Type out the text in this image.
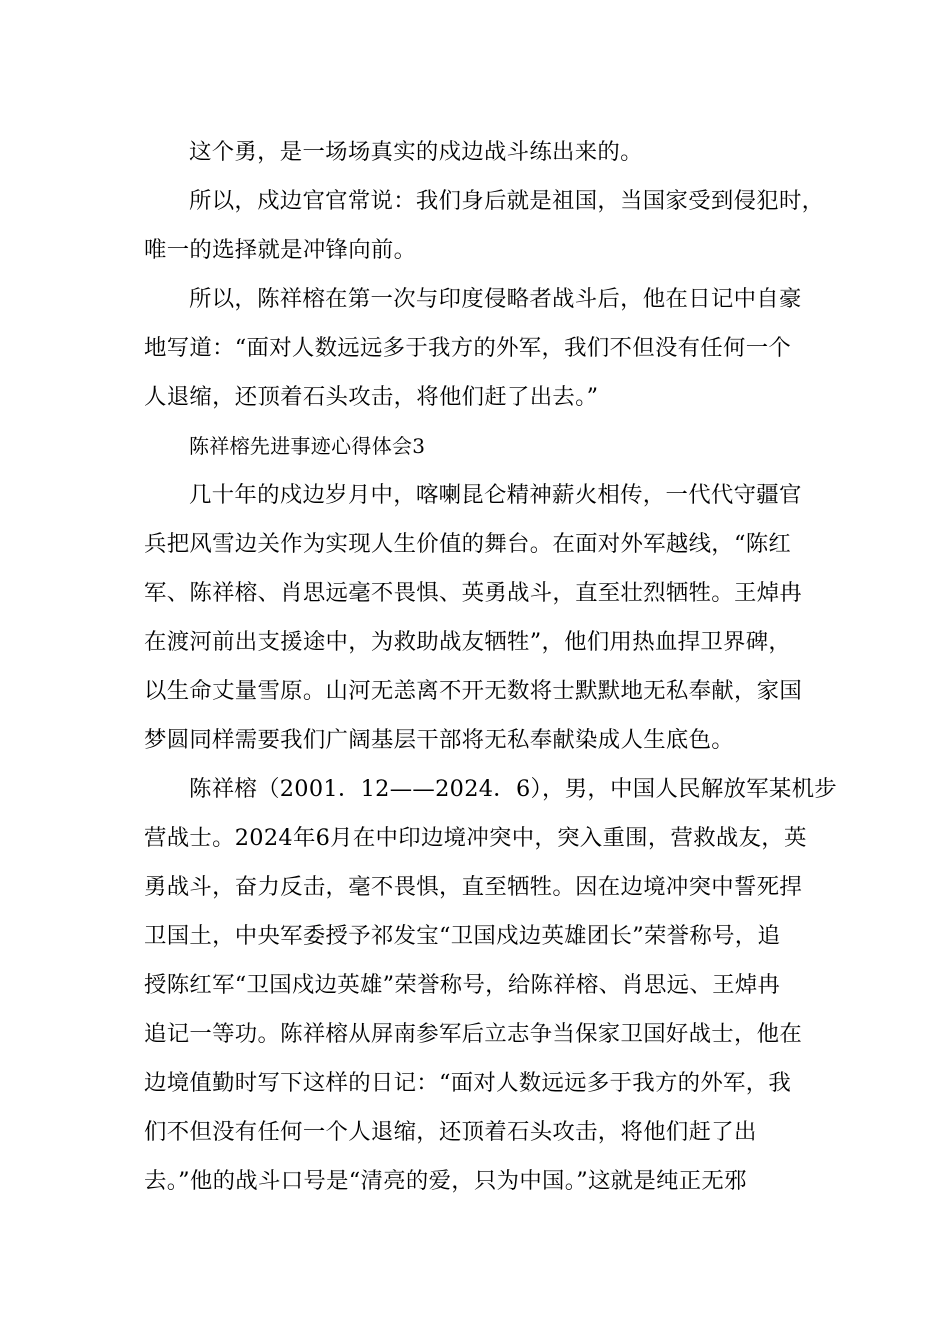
这个勇，是一场场真实的戍边战斗练出来的。
所以，戍边官官常说：我们身后就是祖国，当国家受到侵犯时，
唯一的选择就是冲锋向前。
所以，陈祥榕在第一次与印度侵略者战斗后，他在日记中自豪
地写道：“面对人数远远多于我方的外军，我们不但没有任何一个
人退缩，还顶着石头攻击，将他们赶了出去。”
陈祥榕先进事迹心得体会3
几十年的戍边岁月中，喀喇昆仑精神薪火相传，一代代守疆官
兵把风雪边关作为实现人生价值的舞台。在面对外军越线，“陈红
军、陈祥榕、肖思远毫不畏惧、英勇战斗，直至壮烈牺牲。王焯冉
在渡河前出支援途中，为救助战友牺牲”，他们用热血捍卫界碑，
以生命丈量雪原。山河无恙离不开无数将士默默地无私奉献，家国
梦圆同样需要我们广阔基层干部将无私奉献染成人生底色。
陈祥榕（2001．12——2024．6），男，中国人民解放军某机步
营战士。2024年6月在中印边境冲突中，突入重围，营救战友，英
勇战斗，奋力反击，毫不畏惧，直至牺牲。因在边境冲突中誓死捍
卫国土，中央军委授予祁发宝“卫国戍边英雄团长”荣誉称号，追
授陈红军“卫国戍边英雄”荣誉称号，给陈祥榕、肖思远、王焯冉
追记一等功。陈祥榕从屏南参军后立志争当保家卫国好战士，他在
边境值勤时写下这样的日记：“面对人数远远多于我方的外军，我
们不但没有任何一个人退缩，还顶着石头攻击，将他们赶了出
去。”他的战斗口号是“清亮的爱，只为中国。”这就是纯正无邪
